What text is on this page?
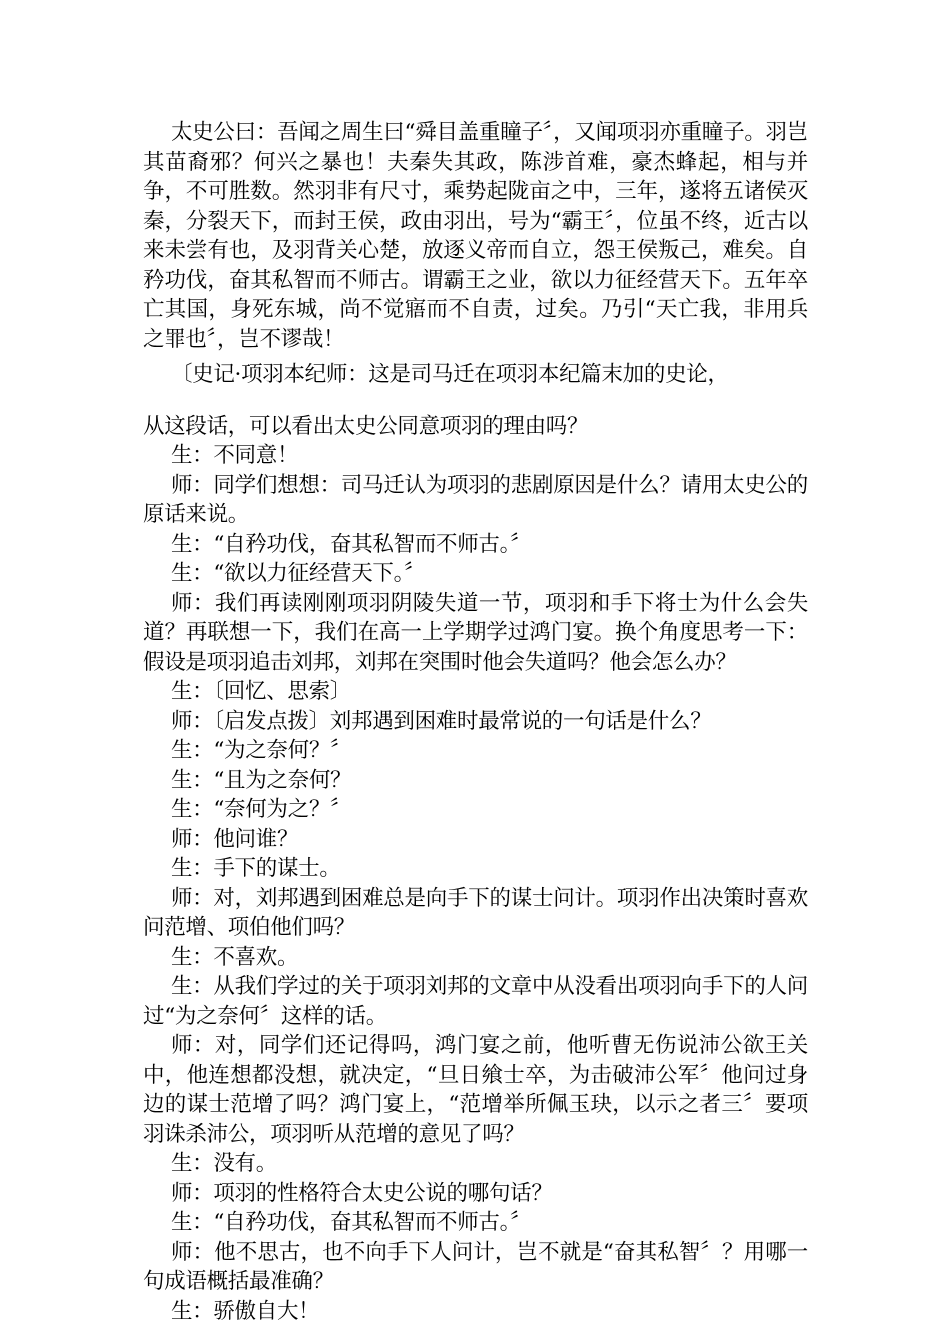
太史公曰：吾闻之周生曰“舜目盖重瞳子〞，又闻项羽亦重瞳子。羽岂其苗裔邪？何兴之暴也！夫秦失其政，陈涉首难，豪杰蜂起，相与并争，不可胜数。然羽非有尺寸，乘势起陇亩之中，三年，遂将五诸侯灭秦，分裂天下，而封王侯，政由羽出，号为“霸王〞，位虽不终，近古以来未尝有也，及羽背关心楚，放逐义帝而自立，怨王侯叛己，难矣。自矜功伐，奋其私智而不师古。谓霸王之业，欲以力征经营天下。五年卒亡其国，身死东城，尚不觉寤而不自责，过矣。乃引“天亡我，非用兵之罪也〞，岂不谬哉！

〔史记·项羽本纪师：这是司马迁在项羽本纪篇末加的史论，

从这段话，可以看出太史公同意项羽的理由吗？

生：不同意！

师：同学们想想：司马迁认为项羽的悲剧原因是什么？请用太史公的原话来说。

生：“自矜功伐，奋其私智而不师古。〞

生：“欲以力征经营天下。〞

师：我们再读刚刚项羽阴陵失道一节，项羽和手下将士为什么会失道？再联想一下，我们在高一上学期学过鸿门宴。换个角度思考一下：假设是项羽追击刘邦，刘邦在突围时他会失道吗？他会怎么办？

生：〔回忆、思索〕

师：〔启发点拨〕刘邦遇到困难时最常说的一句话是什么？

生：“为之奈何？〞

生：“且为之奈何？

生：“奈何为之？〞

师：他问谁？

生：手下的谋士。

师：对，刘邦遇到困难总是向手下的谋士问计。项羽作出决策时喜欢问范增、项伯他们吗？

生：不喜欢。

生：从我们学过的关于项羽刘邦的文章中从没看出项羽向手下的人问过“为之奈何〞这样的话。

师：对，同学们还记得吗，鸿门宴之前，他听曹无伤说沛公欲王关中，他连想都没想，就决定，“旦日飨士卒，为击破沛公军〞他问过身边的谋士范增了吗？鸿门宴上，“范增举所佩玉玦，以示之者三〞要项羽诛杀沛公，项羽听从范增的意见了吗？

生：没有。

师：项羽的性格符合太史公说的哪句话？

生：“自矜功伐，奋其私智而不师古。〞

师：他不思古，也不向手下人问计，岂不就是“奋其私智〞？用哪一句成语概括最准确？

生：骄傲自大！
